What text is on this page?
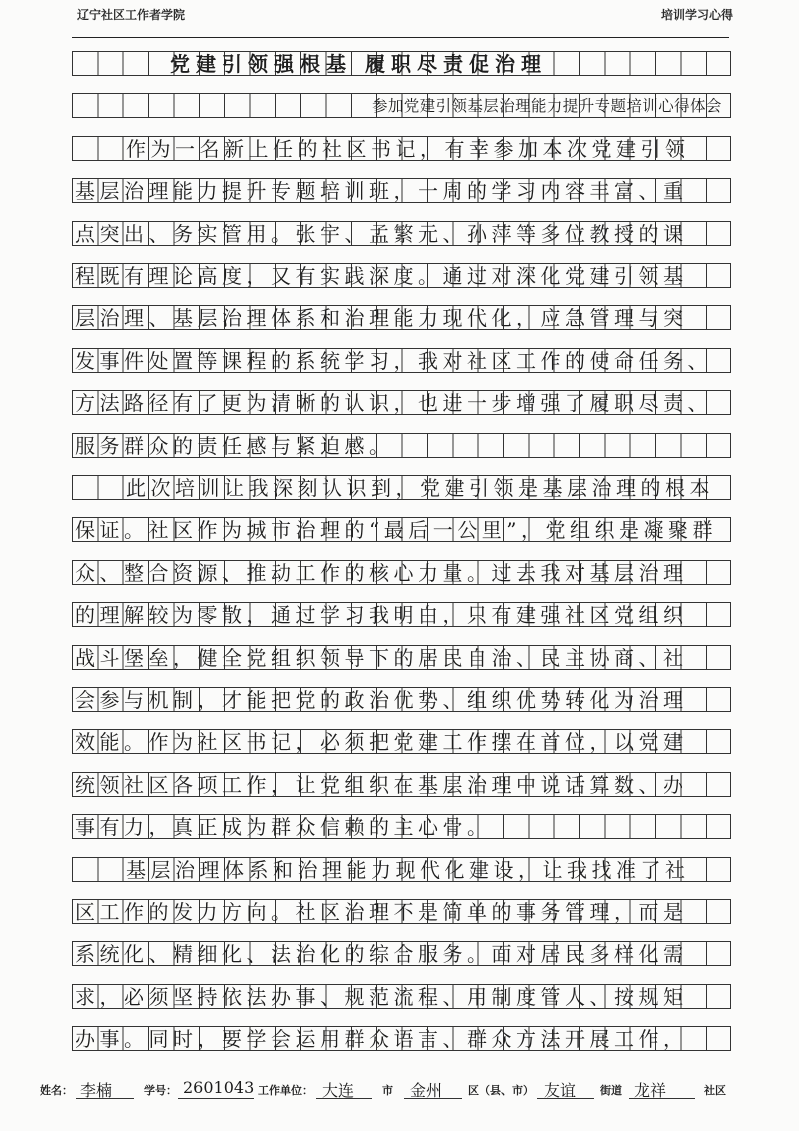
辽宁社区工作者学院	培训学习心得
党建引领强根基 履职尽责促治理
参加党建引领基层治理能力提升专题培训心得体会
作为一名新上任的社区书记，有幸参加本次党建引领
基层治理能力提升专题培训班，一周的学习内容丰富、重
点突出、务实管用。张宇、孟繁元、孙萍等多位教授的课
程既有理论高度，又有实践深度。通过对深化党建引领基
层治理、基层治理体系和治理能力现代化，应急管理与突
发事件处置等课程的系统学习，我对社区工作的使命任务、
方法路径有了更为清晰的认识，也进一步增强了履职尽责、
服务群众的责任感与紧迫感。
此次培训让我深刻认识到，党建引领是基层治理的根本
保证。社区作为城市治理的“最后一公里”，党组织是凝聚群
众、整合资源、推动工作的核心力量。过去我对基层治理
的理解较为零散，通过学习我明白，只有建强社区党组织
战斗堡垒，健全党组织领导下的居民自治、民主协商、社
会参与机制，才能把党的政治优势、组织优势转化为治理
效能。作为社区书记，必须把党建工作摆在首位，以党建
统领社区各项工作，让党组织在基层治理中说话算数、办
事有力，真正成为群众信赖的主心骨。
基层治理体系和治理能力现代化建设，让我找准了社
区工作的发力方向。社区治理不是简单的事务管理，而是
系统化、精细化、法治化的综合服务。面对居民多样化需
求，必须坚持依法办事、规范流程、用制度管人、按规矩
办事。同时，要学会运用群众语言、群众方法开展工作，
姓名： 李楠	学号： 2601043 工作单位： 大连	市 金州 区（县、市） 友谊 街道 龙祥	社区
